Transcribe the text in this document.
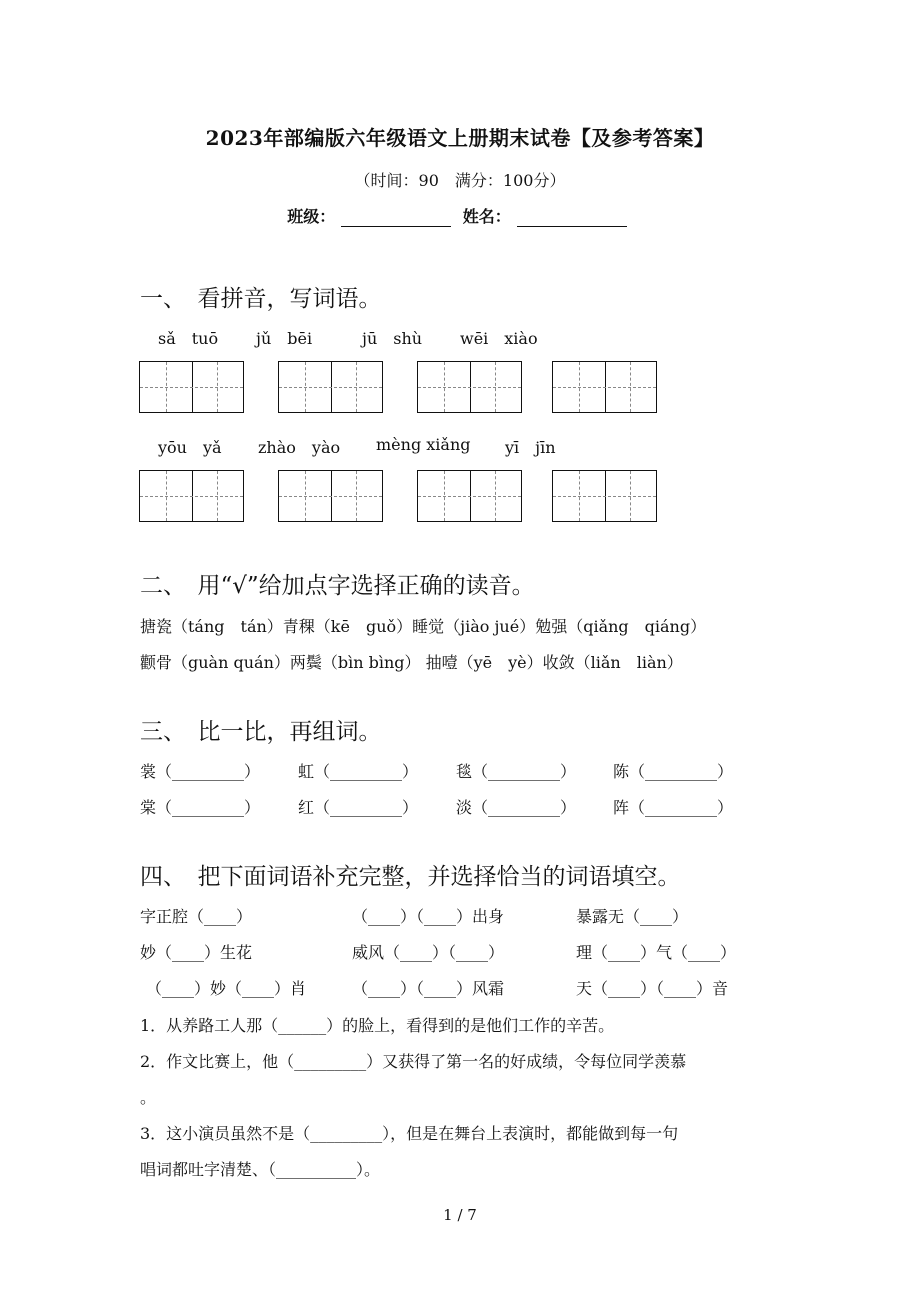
2023年部编版六年级语文上册期末试卷【及参考答案】
（时间：90　满分：100分）
班级：	姓名：
一、　看拼音，写词语。
sǎ　tuō jǔ　bēi	jū　shù wēi　xiào
yōu　yǎ zhào　yào mèng xiǎng yī　jīn
二、　用“√”给加点字选择正确的读音。
搪瓷（táng　tán）青稞（kē　guǒ）睡觉（jiào jué）勉强（qiǎng　qiáng）
颧骨（guàn quán）两鬓（bìn bìng） 抽噎（yē　yè）收敛（liǎn　liàn）
三、　比一比，再组词。
裳（_________） 虹（_________） 毯（_________） 陈（_________）
棠（_________） 红（_________） 淡（_________） 阵（_________）
四、　把下面词语补充完整，并选择恰当的词语填空。
字正腔（____）	（____）（____）出身	暴露无（____）
妙（____）生花	威风（____）（____）	理（____）气（____）
（____）妙（____）肖	（____）（____）风霜	天（____）（____）音
1．从养路工人那（______）的脸上，看得到的是他们工作的辛苦。
2．作文比赛上，他（_________）又获得了第一名的好成绩，令每位同学羡慕
。
3．这小演员虽然不是（_________），但是在舞台上表演时，都能做到每一句
唱词都吐字清楚、（__________）。
1 / 7
